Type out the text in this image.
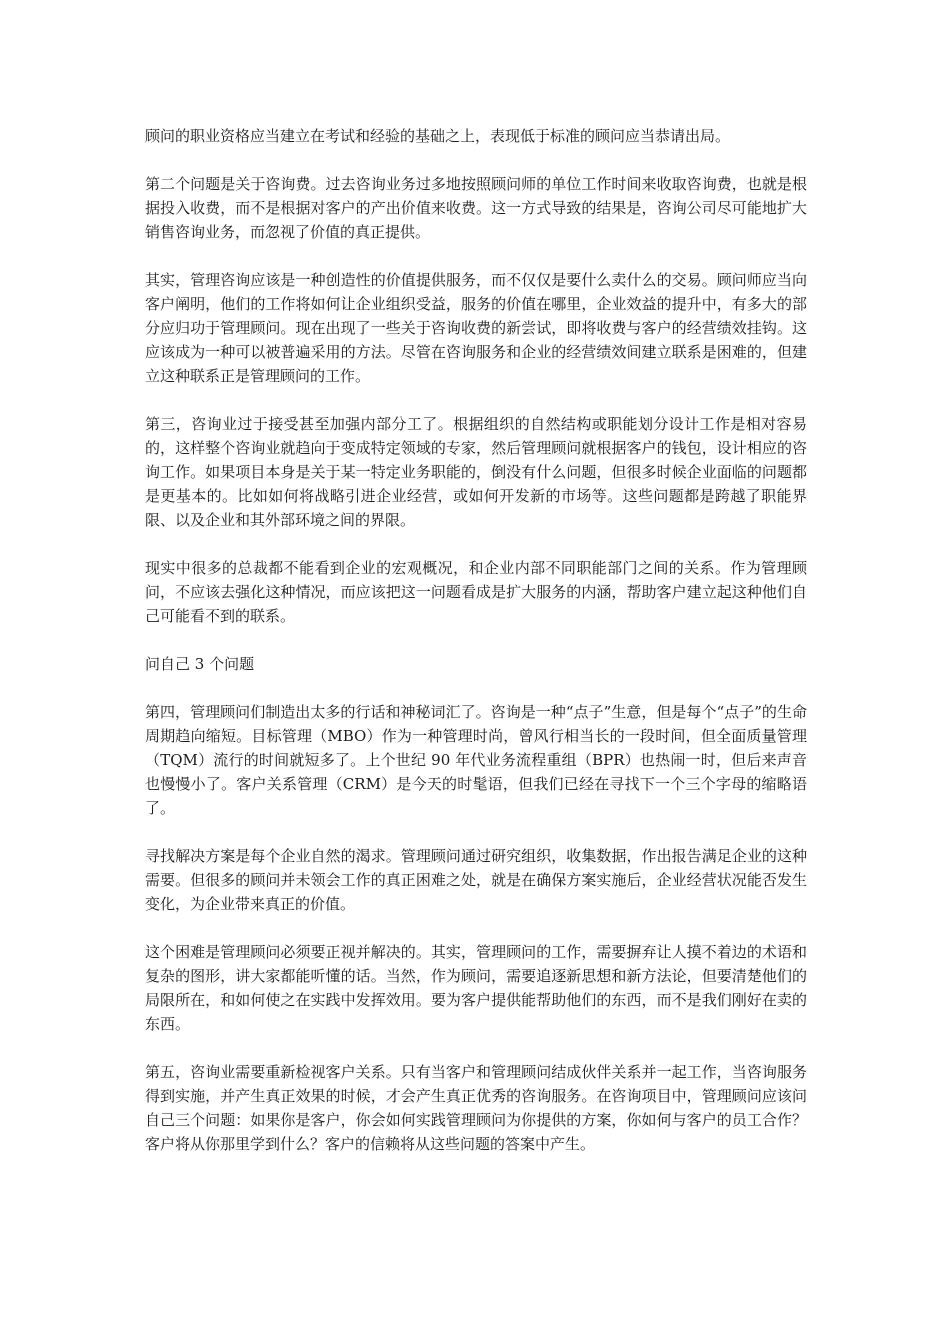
顾问的职业资格应当建立在考试和经验的基础之上，表现低于标准的顾问应当恭请出局。

第二个问题是关于咨询费。过去咨询业务过多地按照顾问师的单位工作时间来收取咨询费，也就是根据投入收费，而不是根据对客户的产出价值来收费。这一方式导致的结果是，咨询公司尽可能地扩大销售咨询业务，而忽视了价值的真正提供。

其实，管理咨询应该是一种创造性的价值提供服务，而不仅仅是要什么卖什么的交易。顾问师应当向客户阐明，他们的工作将如何让企业组织受益，服务的价值在哪里，企业效益的提升中，有多大的部分应归功于管理顾问。现在出现了一些关于咨询收费的新尝试，即将收费与客户的经营绩效挂钩。这应该成为一种可以被普遍采用的方法。尽管在咨询服务和企业的经营绩效间建立联系是困难的，但建立这种联系正是管理顾问的工作。

第三，咨询业过于接受甚至加强内部分工了。根据组织的自然结构或职能划分设计工作是相对容易的，这样整个咨询业就趋向于变成特定领域的专家，然后管理顾问就根据客户的钱包，设计相应的咨询工作。如果项目本身是关于某一特定业务职能的，倒没有什么问题，但很多时候企业面临的问题都是更基本的。比如如何将战略引进企业经营，或如何开发新的市场等。这些问题都是跨越了职能界限、以及企业和其外部环境之间的界限。

现实中很多的总裁都不能看到企业的宏观概况，和企业内部不同职能部门之间的关系。作为管理顾问，不应该去强化这种情况，而应该把这一问题看成是扩大服务的内涵，帮助客户建立起这种他们自己可能看不到的联系。

问自己 3 个问题

第四，管理顾问们制造出太多的行话和神秘词汇了。咨询是一种“点子”生意，但是每个“点子”的生命周期趋向缩短。目标管理（MBO）作为一种管理时尚，曾风行相当长的一段时间，但全面质量管理（TQM）流行的时间就短多了。上个世纪 90 年代业务流程重组（BPR）也热闹一时，但后来声音也慢慢小了。客户关系管理（CRM）是今天的时髦语，但我们已经在寻找下一个三个字母的缩略语了。

寻找解决方案是每个企业自然的渴求。管理顾问通过研究组织，收集数据，作出报告满足企业的这种需要。但很多的顾问并未领会工作的真正困难之处，就是在确保方案实施后，企业经营状况能否发生变化，为企业带来真正的价值。

这个困难是管理顾问必须要正视并解决的。其实，管理顾问的工作，需要摒弃让人摸不着边的术语和复杂的图形，讲大家都能听懂的话。当然，作为顾问，需要追逐新思想和新方法论，但要清楚他们的局限所在，和如何使之在实践中发挥效用。要为客户提供能帮助他们的东西，而不是我们刚好在卖的东西。

第五，咨询业需要重新检视客户关系。只有当客户和管理顾问结成伙伴关系并一起工作，当咨询服务得到实施，并产生真正效果的时候，才会产生真正优秀的咨询服务。在咨询项目中，管理顾问应该问自己三个问题：如果你是客户，你会如何实践管理顾问为你提供的方案，你如何与客户的员工合作？客户将从你那里学到什么？客户的信赖将从这些问题的答案中产生。
